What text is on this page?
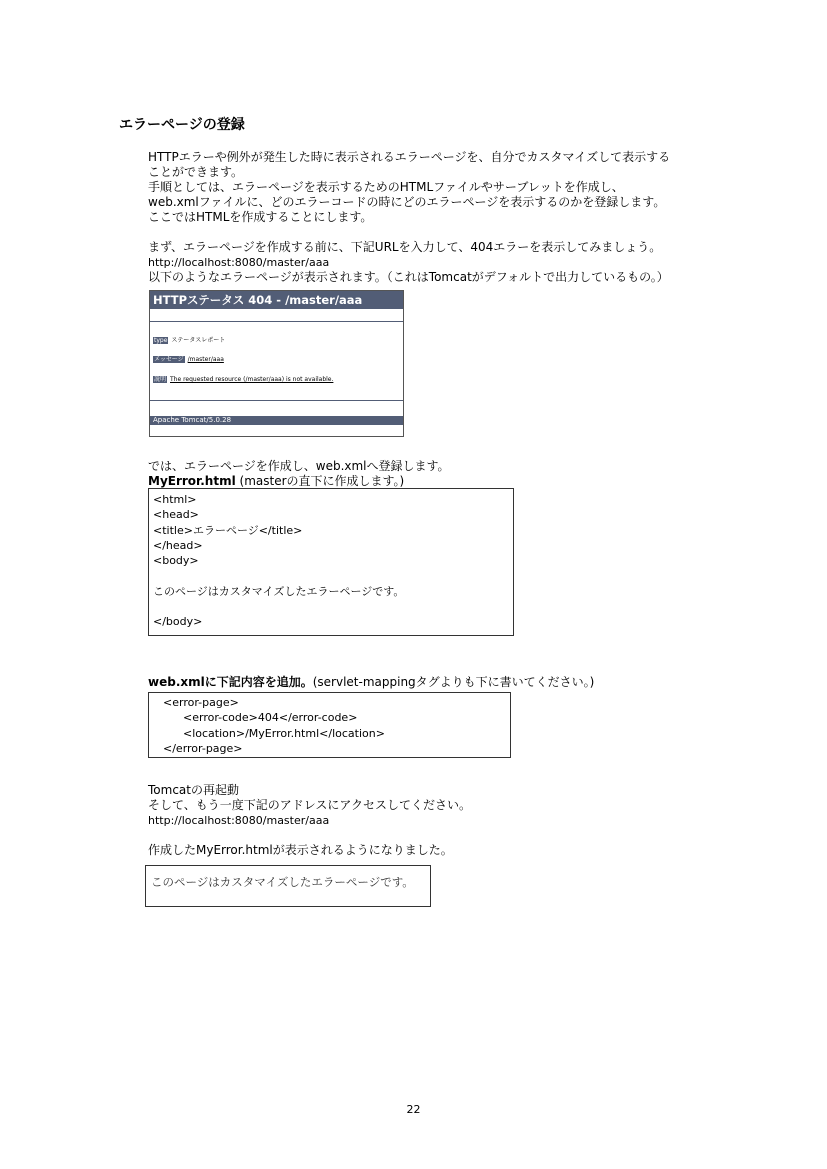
エラーページの登録
HTTPエラーや例外が発生した時に表示されるエラーページを、自分でカスタマイズして表示する
ことができます。
手順としては、エラーページを表示するためのHTMLファイルやサーブレットを作成し、
web.xmlファイルに、どのエラーコードの時にどのエラーページを表示するのかを登録します。
ここではHTMLを作成することにします。
まず、エラーページを作成する前に、下記URLを入力して、404エラーを表示してみましょう。
http://localhost:8080/master/aaa
以下のようなエラーページが表示されます。（これはTomcatがデフォルトで出力しているもの。）
HTTPステータス 404 - /master/aaa
type ステータスレポート
メッセージ /master/aaa
説明 The requested resource (/master/aaa) is not available.
Apache Tomcat/5.0.28
では、エラーページを作成し、web.xmlへ登録します。
MyError.html (masterの直下に作成します。)
<html>
<head>
<title>エラーページ</title>
</head>
<body>

このページはカスタマイズしたエラーページです。

</body>
web.xmlに下記内容を追加。(servlet-mappingタグよりも下に書いてください。)
<error-page>
<error-code>404</error-code>
<location>/MyError.html</location>
</error-page>
Tomcatの再起動
そして、もう一度下記のアドレスにアクセスしてください。
http://localhost:8080/master/aaa

作成したMyError.htmlが表示されるようになりました。
このページはカスタマイズしたエラーページです。
22
